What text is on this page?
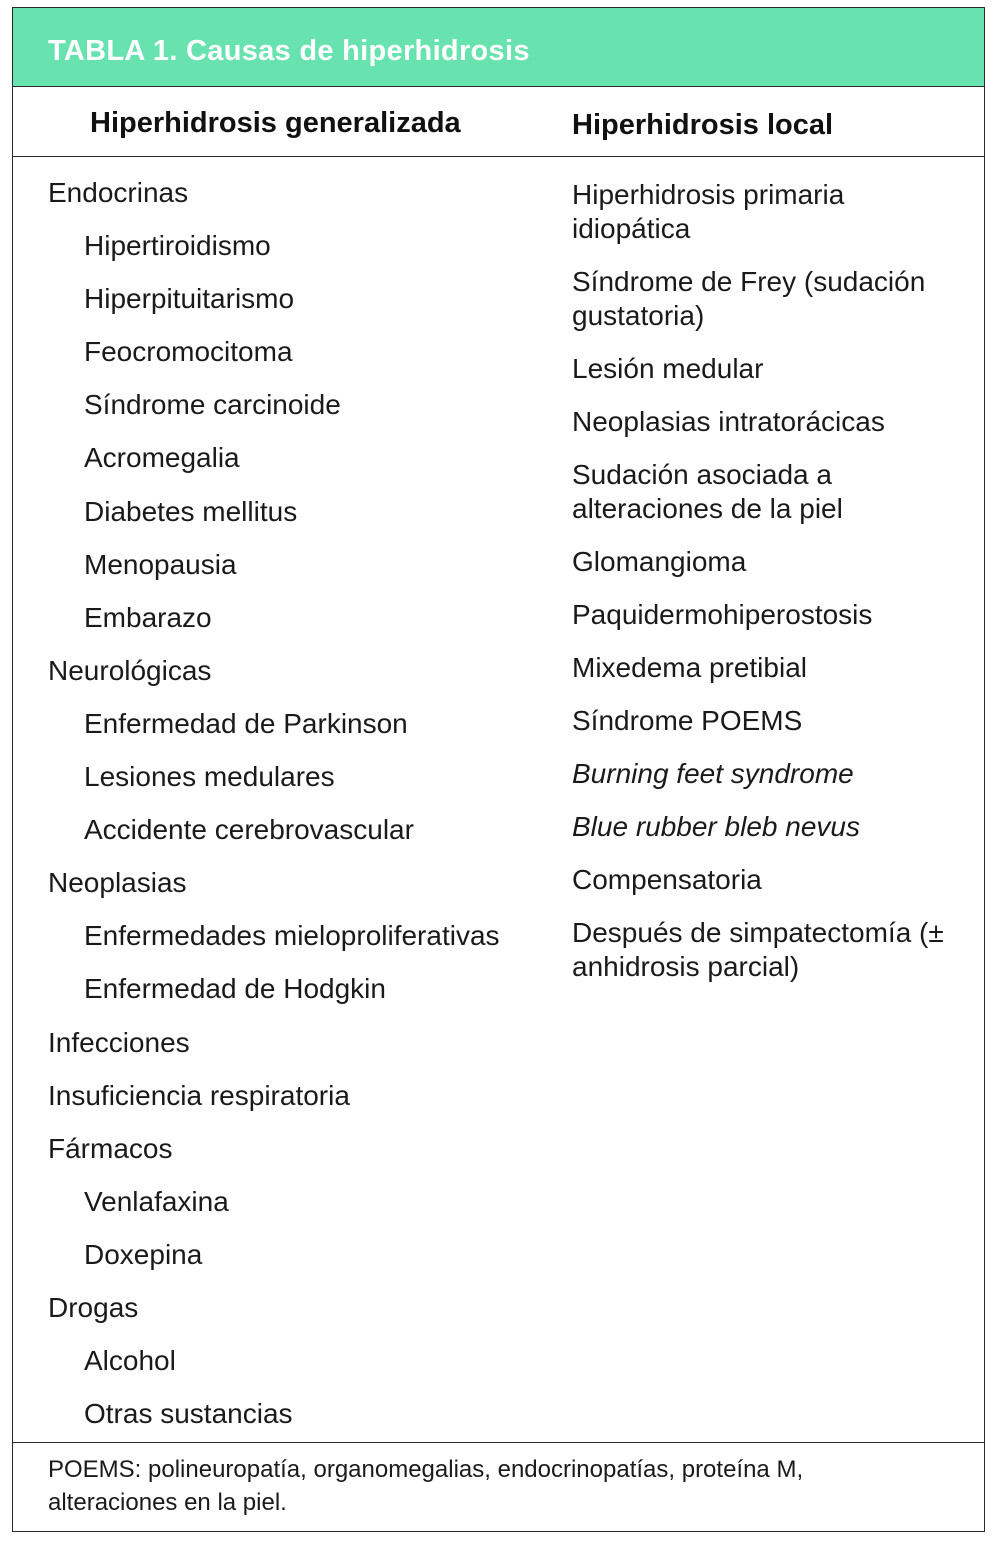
TABLA 1. Causas de hiperhidrosis
Hiperhidrosis generalizada	Hiperhidrosis local
Endocrinas
Hipertiroidismo
Hiperpituitarismo
Feocromocitoma
Síndrome carcinoide
Acromegalia
Diabetes mellitus
Menopausia
Embarazo
Neurológicas
Enfermedad de Parkinson
Lesiones medulares
Accidente cerebrovascular
Neoplasias
Enfermedades mieloproliferativas
Enfermedad de Hodgkin
Infecciones
Insuficiencia respiratoria
Fármacos
Venlafaxina
Doxepina
Drogas
Alcohol
Otras sustancias
Hiperhidrosis primaria idiopática
Síndrome de Frey (sudación gustatoria)
Lesión medular
Neoplasias intratorácicas
Sudación asociada a alteraciones de la piel
Glomangioma
Paquidermohiperostosis
Mixedema pretibial
Síndrome POEMS
Burning feet syndrome
Blue rubber bleb nevus
Compensatoria
Después de simpatectomía (± anhidrosis parcial)
POEMS: polineuropatía, organomegalias, endocrinopatías, proteína M, alteraciones en la piel.
